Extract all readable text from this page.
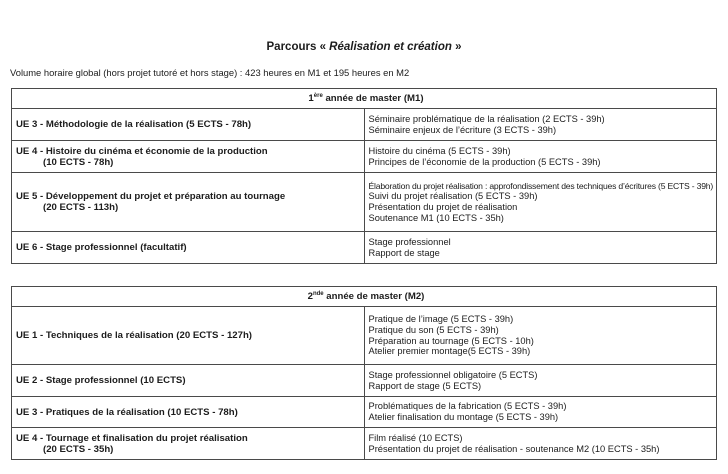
Parcours « Réalisation et création »
Volume horaire global (hors projet tutoré et hors stage) : 423 heures en M1 et 195 heures en M2
1ère année de master (M1)	

UE 3 - Méthodologie de la réalisation (5 ECTS - 78h)	Séminaire problématique de la réalisation (2 ECTS - 39h)
Séminaire enjeux de l’écriture (3 ECTS - 39h)

UE 4 - Histoire du cinéma et économie de la production
(10 ECTS - 78h)	Histoire du cinéma (5 ECTS - 39h)
Principes de l’économie de la production (5 ECTS - 39h)

UE 5 - Développement du projet et préparation au tournage
(20 ECTS - 113h)	Élaboration du projet réalisation : approfondissement des techniques d’écritures (5 ECTS - 39h)
Suivi du projet réalisation (5 ECTS - 39h)
Présentation du projet de réalisation
Soutenance M1 (10 ECTS - 35h)

UE 6 - Stage professionnel (facultatif)	Stage professionnel
Rapport de stage
2nde année de master (M2)	

UE 1 - Techniques de la réalisation (20 ECTS - 127h)	Pratique de l’image (5 ECTS - 39h)
Pratique du son (5 ECTS - 39h)
Préparation au tournage (5 ECTS - 10h)
Atelier premier montage(5 ECTS - 39h)

UE 2 - Stage professionnel (10 ECTS)	Stage professionnel obligatoire (5 ECTS)
Rapport de stage (5 ECTS)

UE 3 - Pratiques de la réalisation (10 ECTS - 78h)	Problématiques de la fabrication (5 ECTS - 39h)
Atelier finalisation du montage (5 ECTS - 39h)

UE 4 - Tournage et finalisation du projet réalisation
(20 ECTS - 35h)	Film réalisé (10 ECTS)
Présentation du projet de réalisation - soutenance M2 (10 ECTS - 35h)
